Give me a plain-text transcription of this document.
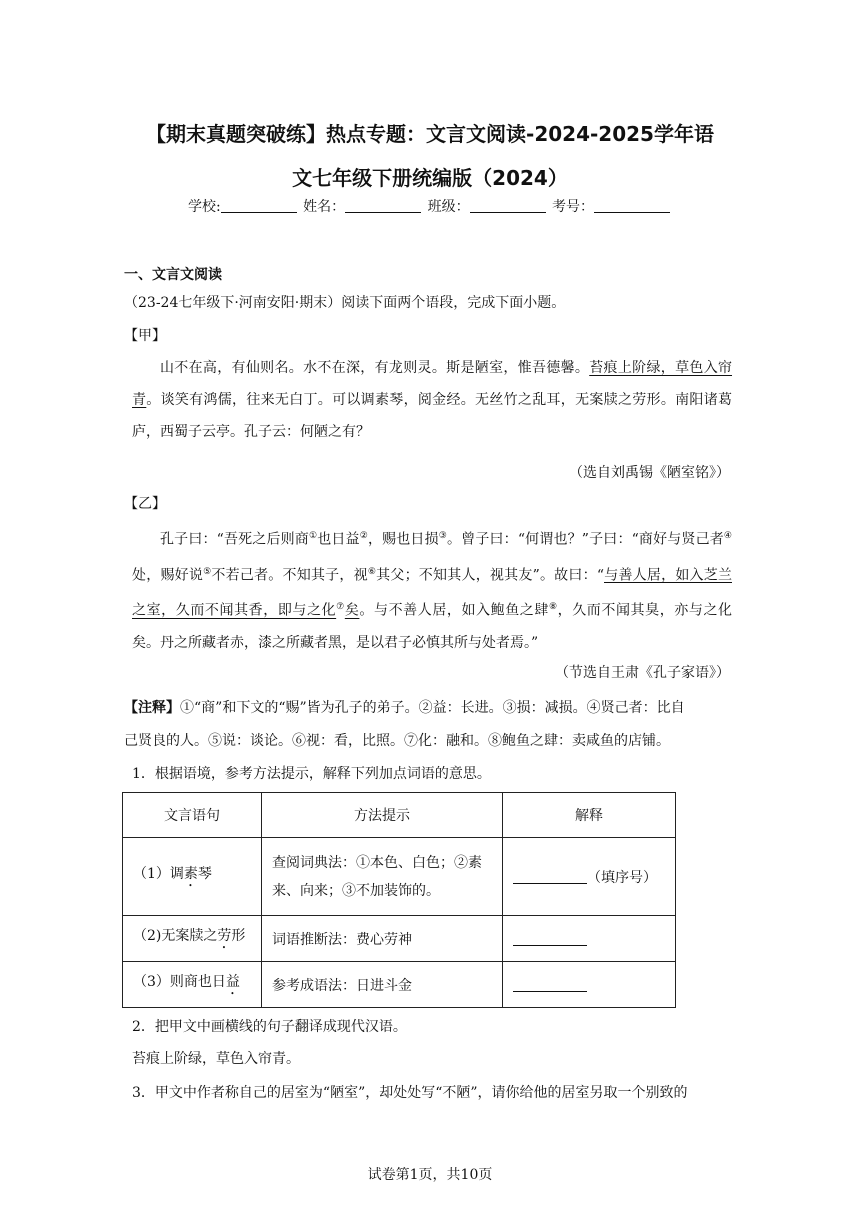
【期末真题突破练】热点专题：文言文阅读-2024-2025学年语
文七年级下册统编版（2024）
学校:	姓名：	班级：	考号：
一、文言文阅读
（23-24七年级下·河南安阳·期末）阅读下面两个语段，完成下面小题。
【甲】
山不在高，有仙则名。水不在深，有龙则灵。斯是陋室，惟吾德馨。苔痕上阶绿，草色入帘青。谈笑有鸿儒，往来无白丁。可以调素琴，阅金经。无丝竹之乱耳，无案牍之劳形。南阳诸葛庐，西蜀子云亭。孔子云：何陋之有？
（选自刘禹锡《陋室铭》）
【乙】
孔子曰：“吾死之后则商①也日益②，赐也日损③。曾子曰：“何谓也？”子曰：“商好与贤己者④处，赐好说⑤不若己者。不知其子，视⑥其父；不知其人，视其友”。故曰：“与善人居，如入芝兰之室，久而不闻其香，即与之化⑦矣。与不善人居，如入鲍鱼之肆⑧，久而不闻其臭，亦与之化矣。丹之所藏者赤，漆之所藏者黑，是以君子必慎其所与处者焉。”
（节选自王肃《孔子家语》）
【注释】①“商”和下文的“赐”皆为孔子的弟子。②益：长进。③损：减损。④贤己者：比自
己贤良的人。⑤说：谈论。⑥视：看，比照。⑦化：融和。⑧鲍鱼之肆：卖咸鱼的店铺。
1．根据语境，参考方法提示，解释下列加点词语的意思。
文言语句	方法提示	解释
（1）调素琴	查阅词典法：①本色、白色；②素来、向来；③不加装饰的。	（填序号）
（2)无案牍之劳形	词语推断法：费心劳神	
（3）则商也日益	参考成语法：日进斗金	
2．把甲文中画横线的句子翻译成现代汉语。
苔痕上阶绿，草色入帘青。
3．甲文中作者称自己的居室为“陋室”，却处处写“不陋”，请你给他的居室另取一个别致的
试卷第1页，共10页
